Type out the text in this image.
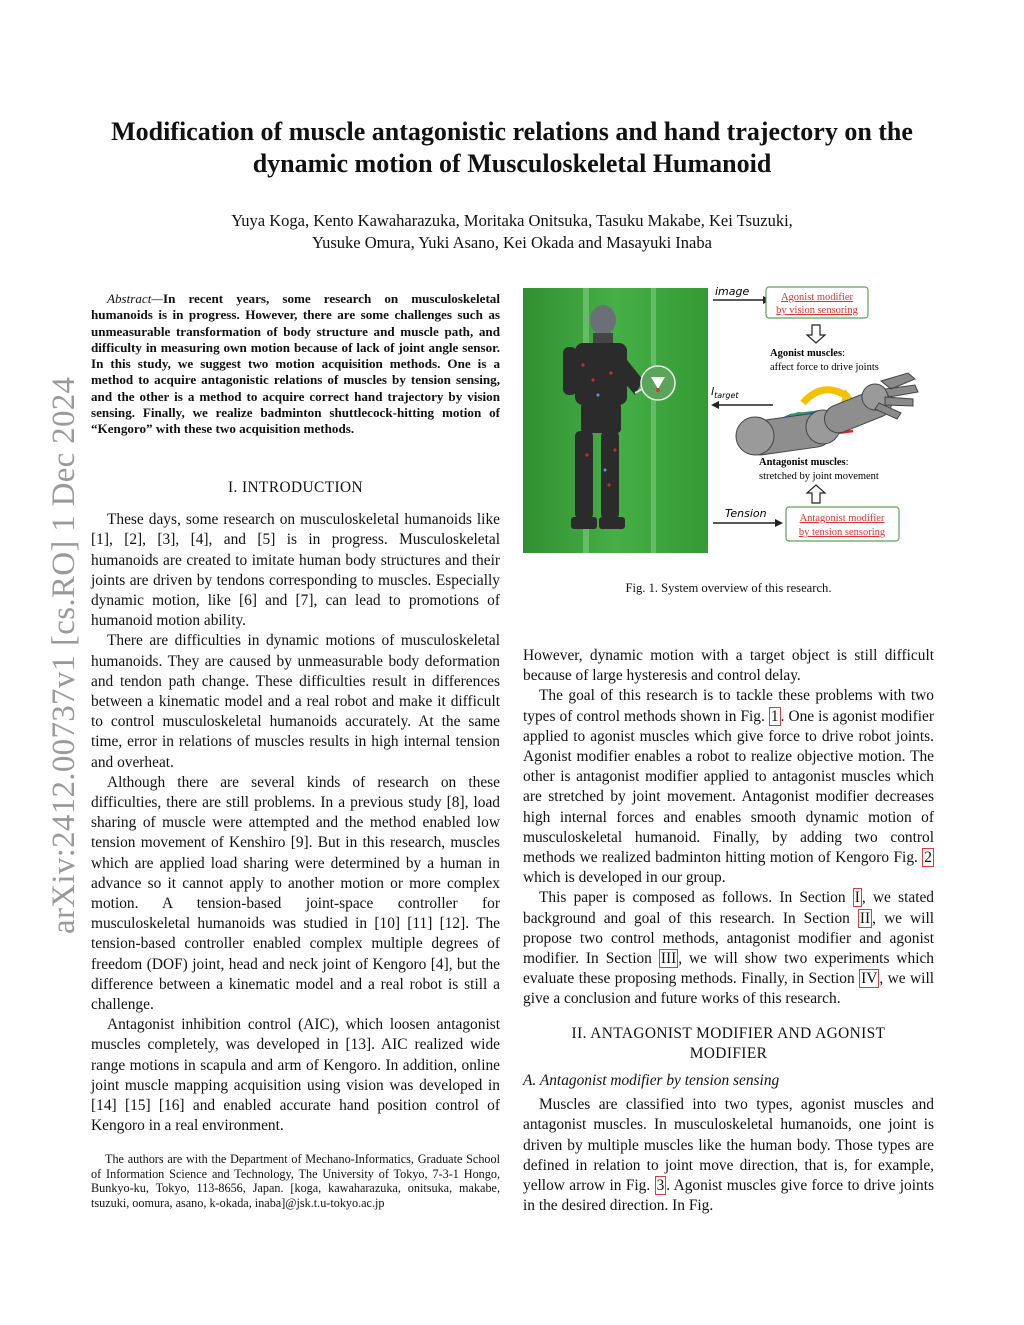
arXiv:2412.00737v1 [cs.RO] 1 Dec 2024
Modification of muscle antagonistic relations and hand trajectory on the dynamic motion of Musculoskeletal Humanoid
Yuya Koga, Kento Kawaharazuka, Moritaka Onitsuka, Tasuku Makabe, Kei Tsuzuki,
Yusuke Omura, Yuki Asano, Kei Okada and Masayuki Inaba
Abstract—In recent years, some research on musculoskeletal humanoids is in progress. However, there are some challenges such as unmeasurable transformation of body structure and muscle path, and difficulty in measuring own motion because of lack of joint angle sensor. In this study, we suggest two motion acquisition methods. One is a method to acquire antagonistic relations of muscles by tension sensing, and the other is a method to acquire correct hand trajectory by vision sensing. Finally, we realize badminton shuttlecock-hitting motion of “Kengoro” with these two acquisition methods.
I. INTRODUCTION

These days, some research on musculoskeletal humanoids like [1], [2], [3], [4], and [5] is in progress. Musculoskeletal humanoids are created to imitate human body structures and their joints are driven by tendons corresponding to muscles. Especially dynamic motion, like [6] and [7], can lead to promotions of humanoid motion ability.

There are difficulties in dynamic motions of musculoskeletal humanoids. They are caused by unmeasurable body deformation and tendon path change. These difficulties result in differences between a kinematic model and a real robot and make it difficult to control musculoskeletal humanoids accurately. At the same time, error in relations of muscles results in high internal tension and overheat.

Although there are several kinds of research on these difficulties, there are still problems. In a previous study [8], load sharing of muscle were attempted and the method enabled low tension movement of Kenshiro [9]. But in this research, muscles which are applied load sharing were determined by a human in advance so it cannot apply to another motion or more complex motion. A tension-based joint-space controller for musculoskeletal humanoids was studied in [10] [11] [12]. The tension-based controller enabled complex multiple degrees of freedom (DOF) joint, head and neck joint of Kengoro [4], but the difference between a kinematic model and a real robot is still a challenge.

Antagonist inhibition control (AIC), which loosen antagonist muscles completely, was developed in [13]. AIC realized wide range motions in scapula and arm of Kengoro. In addition, online joint muscle mapping acquisition using vision was developed in [14] [15] [16] and enabled accurate hand position control of Kengoro in a real environment.

The authors are with the Department of Mechano-Informatics, Graduate School of Information Science and Technology, The University of Tokyo, 7-3-1 Hongo, Bunkyo-ku, Tokyo, 113-8656, Japan. [koga, kawaharazuka, onitsuka, makabe, tsuzuki, oomura, asano, k-okada, inaba]@jsk.t.u-tokyo.ac.jp

image
$l_{target}$
Tension
Agonist modifier
by vision sensoring
Agonist muscles:
affect force to drive joints
Antagonist muscles:
stretched by joint movement
Antagonist modifier
by tension sensoring
Fig. 1. System overview of this research.

However, dynamic motion with a target object is still difficult because of large hysteresis and control delay.

The goal of this research is to tackle these problems with two types of control methods shown in Fig. 1 . One is agonist modifier applied to agonist muscles which give force to drive robot joints. Agonist modifier enables a robot to realize objective motion. The other is antagonist modifier applied to antagonist muscles which are stretched by joint movement. Antagonist modifier decreases high internal forces and enables smooth dynamic motion of musculoskeletal humanoid. Finally, by adding two control methods we realized badminton hitting motion of Kengoro Fig. 2 which is developed in our group.

This paper is composed as follows. In Section I , we stated background and goal of this research. In Section II , we will propose two control methods, antagonist modifier and agonist modifier. In Section III , we will show two experiments which evaluate these proposing methods. Finally, in Section IV , we will give a conclusion and future works of this research.

II. ANTAGONIST MODIFIER AND AGONIST
MODIFIER
A. Antagonist modifier by tension sensing

Muscles are classified into two types, agonist muscles and antagonist muscles. In musculoskeletal humanoids, one joint is driven by multiple muscles like the human body. Those types are defined in relation to joint move direction, that is, for example, yellow arrow in Fig. 3 . Agonist muscles give force to drive joints in the desired direction. In Fig.
